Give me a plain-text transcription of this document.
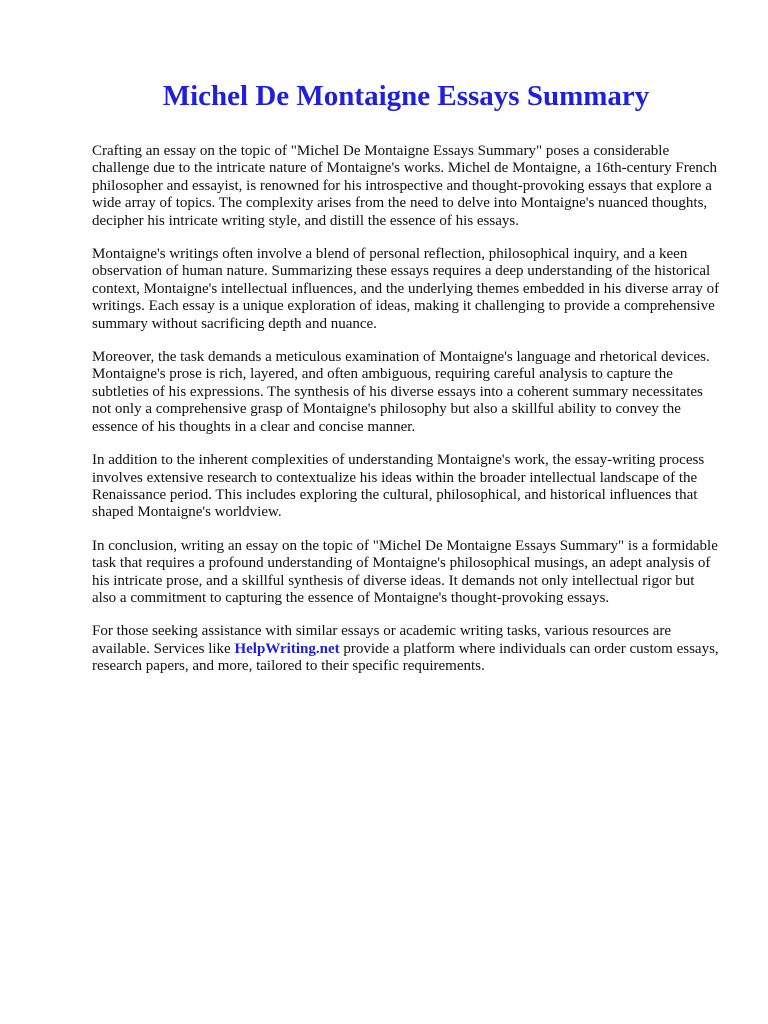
Michel De Montaigne Essays Summary

Crafting an essay on the topic of "Michel De Montaigne Essays Summary" poses a considerable challenge due to the intricate nature of Montaigne's works. Michel de Montaigne, a 16th-century French philosopher and essayist, is renowned for his introspective and thought-provoking essays that explore a wide array of topics. The complexity arises from the need to delve into Montaigne's nuanced thoughts, decipher his intricate writing style, and distill the essence of his essays.

Montaigne's writings often involve a blend of personal reflection, philosophical inquiry, and a keen observation of human nature. Summarizing these essays requires a deep understanding of the historical context, Montaigne's intellectual influences, and the underlying themes embedded in his diverse array of writings. Each essay is a unique exploration of ideas, making it challenging to provide a comprehensive summary without sacrificing depth and nuance.

Moreover, the task demands a meticulous examination of Montaigne's language and rhetorical devices. Montaigne's prose is rich, layered, and often ambiguous, requiring careful analysis to capture the subtleties of his expressions. The synthesis of his diverse essays into a coherent summary necessitates not only a comprehensive grasp of Montaigne's philosophy but also a skillful ability to convey the essence of his thoughts in a clear and concise manner.

In addition to the inherent complexities of understanding Montaigne's work, the essay-writing process involves extensive research to contextualize his ideas within the broader intellectual landscape of the Renaissance period. This includes exploring the cultural, philosophical, and historical influences that shaped Montaigne's worldview.

In conclusion, writing an essay on the topic of "Michel De Montaigne Essays Summary" is a formidable task that requires a profound understanding of Montaigne's philosophical musings, an adept analysis of his intricate prose, and a skillful synthesis of diverse ideas. It demands not only intellectual rigor but also a commitment to capturing the essence of Montaigne's thought-provoking essays.

For those seeking assistance with similar essays or academic writing tasks, various resources are available. Services like HelpWriting.net provide a platform where individuals can order custom essays, research papers, and more, tailored to their specific requirements.
